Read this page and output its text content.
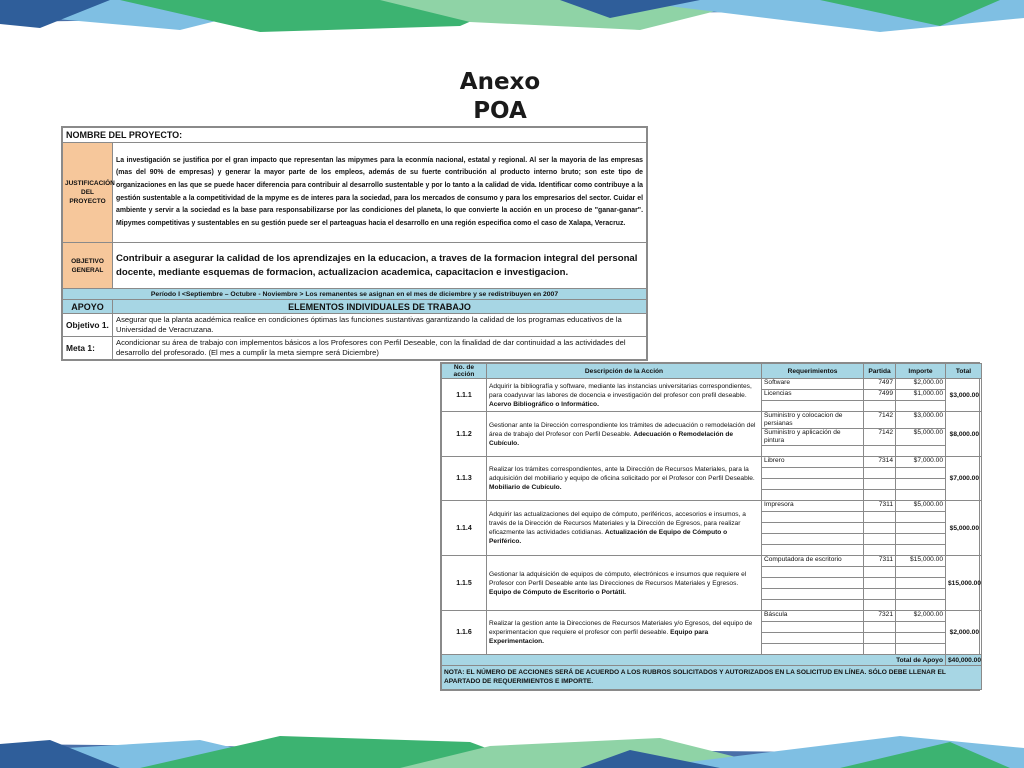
Anexo
POA
NOMBRE DEL PROYECTO:	
JUSTIFICACIÓN DEL PROYECTO	La investigación se justifica por el gran impacto que representan las mipymes para la econmía nacional, estatal y regional. Al ser la mayoria de las empresas (mas del 90% de empresas) y generar la mayor parte de los empleos, además de su fuerte contribución al producto interno bruto; son este tipo de organizaciones en las que se puede hacer diferencia para contribuir al desarrollo sustentable y por lo tanto a la calidad de vida. Identificar como contribuye a la gestión sustentable a la competitividad de la mpyme es de interes para la sociedad, para los mercados de consumo y para los empresarios del sector. Cuidar el ambiente y servir a la sociedad es la base para responsabilizarse por las condiciones del planeta, lo que convierte la acción en un proceso de "ganar-ganar". Mipymes competitivas y sustentables en su gestión puede ser el parteaguas hacia el desarrollo en una región especifica como el caso de Xalapa, Veracruz.
OBJETIVO GENERAL	Contribuir a asegurar la calidad de los aprendizajes en la educacion, a traves de la formacion integral del personal docente, mediante esquemas de formacion, actualizacion academica, capacitacion e investigacion.
Período I <Septiembre – Octubre - Noviembre > Los remanentes se asignan en el mes de diciembre y se redistribuyen en 2007	
APOYO	ELEMENTOS INDIVIDUALES DE TRABAJO
Objetivo 1.	Asegurar que la planta académica realice en condiciones óptimas las funciones sustantivas garantizando la calidad de los programas educativos de la Universidad de Veracruzana.
Meta 1:	Acondicionar su área de trabajo con implementos básicos a los Profesores con Perfil Deseable, con la finalidad de dar continuidad a las actividades del desarrollo del profesorado. (El mes a cumplir la meta siempre será Diciembre)
No. de acción	Descripción de la Acción	Requerimientos	Partida	Importe	Total
1.1.1	Adquirir la bibliografía y software, mediante las instancias universitarias correspondientes, para coadyuvar las labores de docencia e investigación del profesor con prefil deseable. Acervo Bibliográfico o Informático.	Software	7497	$2,000.00	$3,000.00
		Licencias	7499	$1,000.00	

1.1.2	Gestionar ante la Dirección correspondiente los trámites de adecuación o remodelación del área de trabajo del Profesor con Perfil Deseable. Adecuación o Remodelación de Cubículo.	Suministro y colocacion de persianas	7142	$3,000.00	$8,000.00
		Suministro y aplicación de pintura	7142	$5,000.00	

1.1.3	Realizar los trámites correspondientes, ante la Dirección de Recursos Materiales, para la adquisición del mobiliario y equipo de oficina solicitado por el Profesor con Perfil Deseable. Mobiliario de Cubículo.	Librero	7314	$7,000.00	$7,000.00

1.1.4	Adquirir las actualizaciones del equipo de cómputo, periféricos, accesorios e insumos, a través de la Dirección de Recursos Materiales y la Dirección de Egresos, para realizar eficazmente las actividades cotidianas. Actualización de Equipo de Cómputo o Periférico.	Impresora	7311	$5,000.00	$5,000.00

1.1.5	Gestionar la adquisición de equipos de cómputo, electrónicos e insumos que requiere el Profesor con Perfil Deseable ante las Direcciones de Recursos Materiales y Egresos. Equipo de Cómputo de Escritorio o Portátil.	Computadora de escritorio	7311	$15,000.00	$15,000.00

1.1.6	Realizar la gestion ante la Direcciones de Recursos Materiales y/o Egresos, del equipo de experimentacion que requiere el profesor con perfil deseable. Equipo para Experimentacion.	Báscula	7321	$2,000.00	$2,000.00

Total de Apoyo					$40,000.00
NOTA: EL NÚMERO DE ACCIONES SERÁ DE ACUERDO A LOS RUBROS SOLICITADOS Y AUTORIZADOS EN LA SOLICITUD EN LÍNEA. SÓLO DEBE LLENAR EL APARTADO DE REQUERIMIENTOS E IMPORTE.					
